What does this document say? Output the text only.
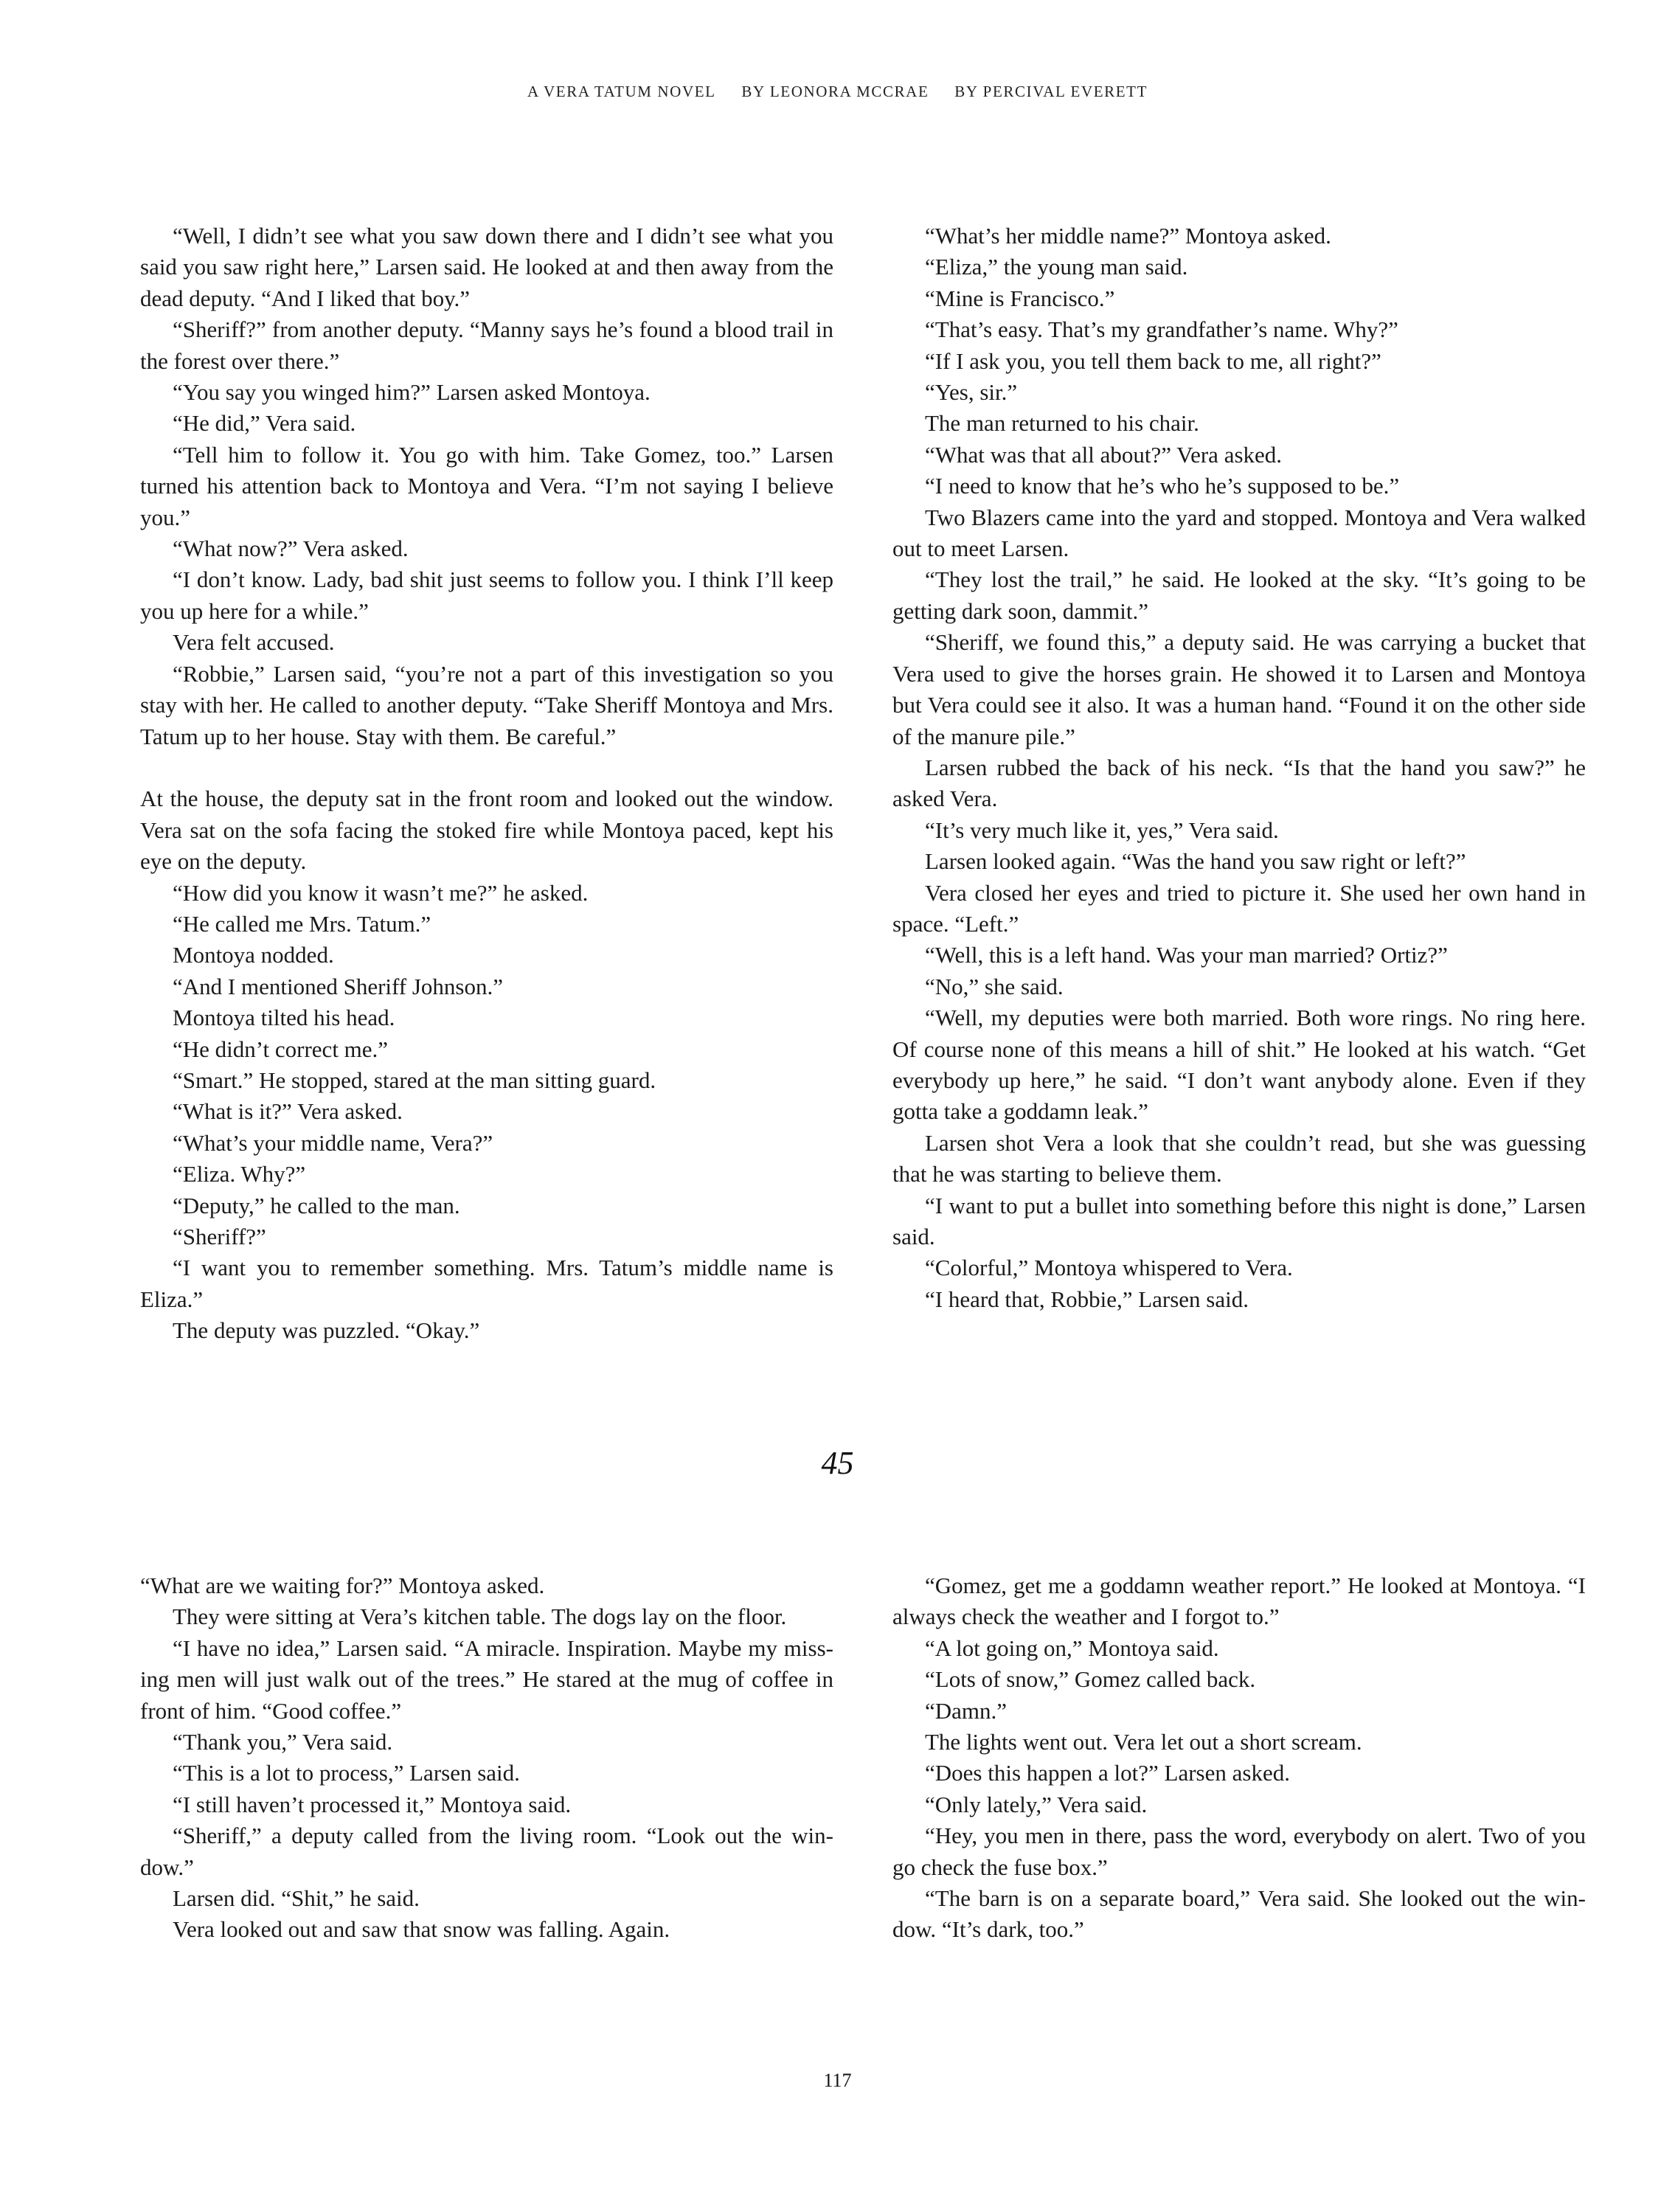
A VERA TATUM NOVEL BY LEONORA MCCRAE BY PERCIVAL EVERETT

“Well, I didn’t see what you saw down there and I didn’t see what you said you saw right here,” Larsen said. He looked at and then away from the dead deputy. “And I liked that boy.”

“Sheriff?” from another deputy. “Manny says he’s found a blood trail in the forest over there.”

“You say you winged him?” Larsen asked Montoya.

“He did,” Vera said.

“Tell him to follow it. You go with him. Take Gomez, too.” Larsen turned his attention back to Montoya and Vera. “I’m not saying I believe you.”

“What now?” Vera asked.

“I don’t know. Lady, bad shit just seems to follow you. I think I’ll keep you up here for a while.”

Vera felt accused.

“Robbie,” Larsen said, “you’re not a part of this investigation so you stay with her. He called to another deputy. “Take Sheriff Montoya and Mrs. Tatum up to her house. Stay with them. Be careful.”

At the house, the deputy sat in the front room and looked out the window. Vera sat on the sofa facing the stoked fire while Montoya paced, kept his eye on the deputy.

“How did you know it wasn’t me?” he asked.

“He called me Mrs. Tatum.”

Montoya nodded.

“And I mentioned Sheriff Johnson.”

Montoya tilted his head.

“He didn’t correct me.”

“Smart.” He stopped, stared at the man sitting guard.

“What is it?” Vera asked.

“What’s your middle name, Vera?”

“Eliza. Why?”

“Deputy,” he called to the man.

“Sheriff?”

“I want you to remember something. Mrs. Tatum’s middle name is Eliza.”

The deputy was puzzled. “Okay.”

“What’s her middle name?” Montoya asked.

“Eliza,” the young man said.

“Mine is Francisco.”

“That’s easy. That’s my grandfather’s name. Why?”

“If I ask you, you tell them back to me, all right?”

“Yes, sir.”

The man returned to his chair.

“What was that all about?” Vera asked.

“I need to know that he’s who he’s supposed to be.”

Two Blazers came into the yard and stopped. Montoya and Vera walked out to meet Larsen.

“They lost the trail,” he said. He looked at the sky. “It’s going to be getting dark soon, dammit.”

“Sheriff, we found this,” a deputy said. He was carrying a bucket that Vera used to give the horses grain. He showed it to Larsen and Montoya but Vera could see it also. It was a human hand. “Found it on the other side of the manure pile.”

Larsen rubbed the back of his neck. “Is that the hand you saw?” he asked Vera.

“It’s very much like it, yes,” Vera said.

Larsen looked again. “Was the hand you saw right or left?”

Vera closed her eyes and tried to picture it. She used her own hand in space. “Left.”

“Well, this is a left hand. Was your man married? Ortiz?”

“No,” she said.

“Well, my deputies were both married. Both wore rings. No ring here. Of course none of this means a hill of shit.” He looked at his watch. “Get everybody up here,” he said. “I don’t want anybody alone. Even if they gotta take a goddamn leak.”

Larsen shot Vera a look that she couldn’t read, but she was guessing that he was starting to believe them.

“I want to put a bullet into something before this night is done,” Larsen said.

“Colorful,” Montoya whispered to Vera.

“I heard that, Robbie,” Larsen said.

45

“What are we waiting for?” Montoya asked.

They were sitting at Vera’s kitchen table. The dogs lay on the floor.

“I have no idea,” Larsen said. “A miracle. Inspiration. Maybe my missing men will just walk out of the trees.” He stared at the mug of coffee in front of him. “Good coffee.”

“Thank you,” Vera said.

“This is a lot to process,” Larsen said.

“I still haven’t processed it,” Montoya said.

“Sheriff,” a deputy called from the living room. “Look out the window.”

Larsen did. “Shit,” he said.

Vera looked out and saw that snow was falling. Again.

“Gomez, get me a goddamn weather report.” He looked at Montoya. “I always check the weather and I forgot to.”

“A lot going on,” Montoya said.

“Lots of snow,” Gomez called back.

“Damn.”

The lights went out. Vera let out a short scream.

“Does this happen a lot?” Larsen asked.

“Only lately,” Vera said.

“Hey, you men in there, pass the word, everybody on alert. Two of you go check the fuse box.”

“The barn is on a separate board,” Vera said. She looked out the window. “It’s dark, too.”

117
